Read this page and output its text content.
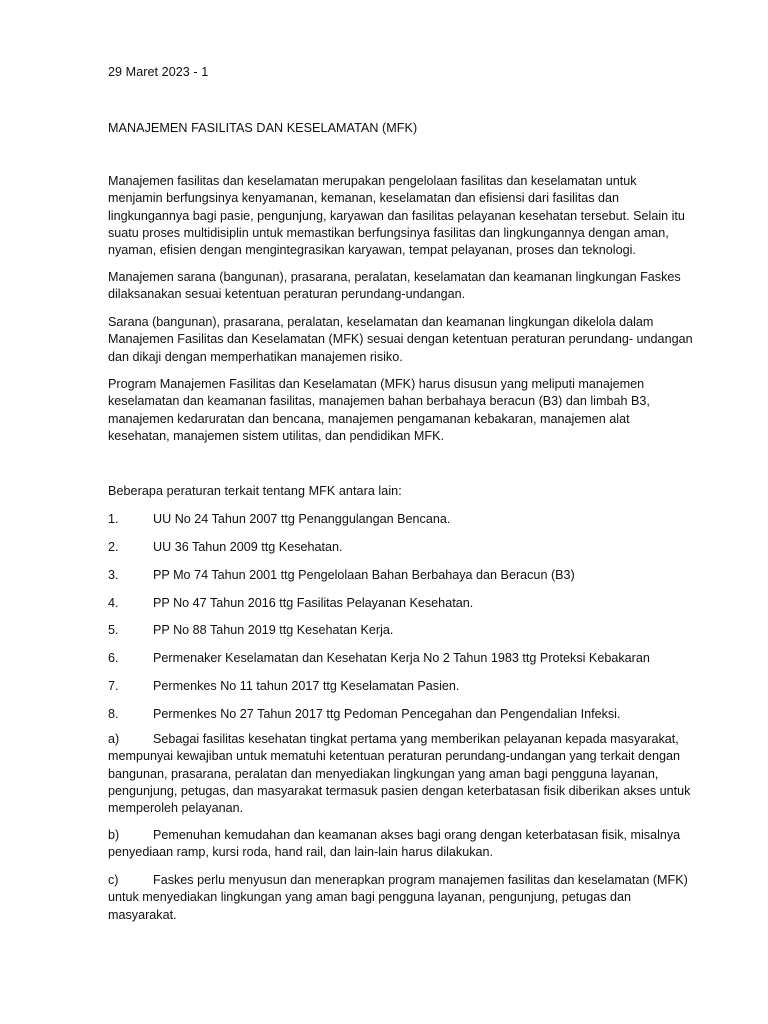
29 Maret 2023 - 1
MANAJEMEN FASILITAS DAN KESELAMATAN (MFK)

Manajemen fasilitas dan keselamatan merupakan pengelolaan fasilitas dan keselamatan untuk menjamin berfungsinya kenyamanan, kemanan, keselamatan dan efisiensi dari fasilitas dan lingkungannya bagi pasie, pengunjung, karyawan dan fasilitas pelayanan kesehatan tersebut. Selain itu suatu proses multidisiplin untuk memastikan berfungsinya fasilitas dan lingkungannya dengan aman, nyaman, efisien dengan mengintegrasikan karyawan, tempat pelayanan, proses dan teknologi.

Manajemen sarana (bangunan), prasarana, peralatan, keselamatan dan keamanan lingkungan Faskes dilaksanakan sesuai ketentuan peraturan perundang-undangan.

Sarana (bangunan), prasarana, peralatan, keselamatan dan keamanan lingkungan dikelola dalam Manajemen Fasilitas dan Keselamatan (MFK) sesuai dengan ketentuan peraturan perundang- undangan dan dikaji dengan memperhatikan manajemen risiko.

Program Manajemen Fasilitas dan Keselamatan (MFK) harus disusun yang meliputi manajemen keselamatan dan keamanan fasilitas, manajemen bahan berbahaya beracun (B3) dan limbah B3, manajemen kedaruratan dan bencana, manajemen pengamanan kebakaran, manajemen alat kesehatan, manajemen sistem utilitas, dan pendidikan MFK.

Beberapa peraturan terkait tentang MFK antara lain:
1.	UU No 24 Tahun 2007 ttg Penanggulangan Bencana.
2.	UU 36 Tahun 2009 ttg Kesehatan.
3.	PP Mo 74 Tahun 2001 ttg Pengelolaan Bahan Berbahaya dan Beracun (B3)
4.	PP No 47 Tahun 2016 ttg Fasilitas Pelayanan Kesehatan.
5.	PP No 88 Tahun 2019 ttg Kesehatan Kerja.
6.	Permenaker Keselamatan dan Kesehatan Kerja No 2 Tahun 1983 ttg Proteksi Kebakaran
7.	Permenkes No 11 tahun 2017 ttg Keselamatan Pasien.
8.	Permenkes No 27 Tahun 2017 ttg Pedoman Pencegahan dan Pengendalian Infeksi.

a)	Sebagai fasilitas kesehatan tingkat pertama yang memberikan pelayanan kepada masyarakat, mempunyai kewajiban untuk mematuhi ketentuan peraturan perundang-undangan yang terkait dengan bangunan, prasarana, peralatan dan menyediakan lingkungan yang aman bagi pengguna layanan, pengunjung, petugas, dan masyarakat termasuk pasien dengan keterbatasan fisik diberikan akses untuk memperoleh pelayanan.

b)	Pemenuhan kemudahan dan keamanan akses bagi orang dengan keterbatasan fisik, misalnya penyediaan ramp, kursi roda, hand rail, dan lain-lain harus dilakukan.

c)	Faskes perlu menyusun dan menerapkan program manajemen fasilitas dan keselamatan (MFK) untuk menyediakan lingkungan yang aman bagi pengguna layanan, pengunjung, petugas dan masyarakat.
